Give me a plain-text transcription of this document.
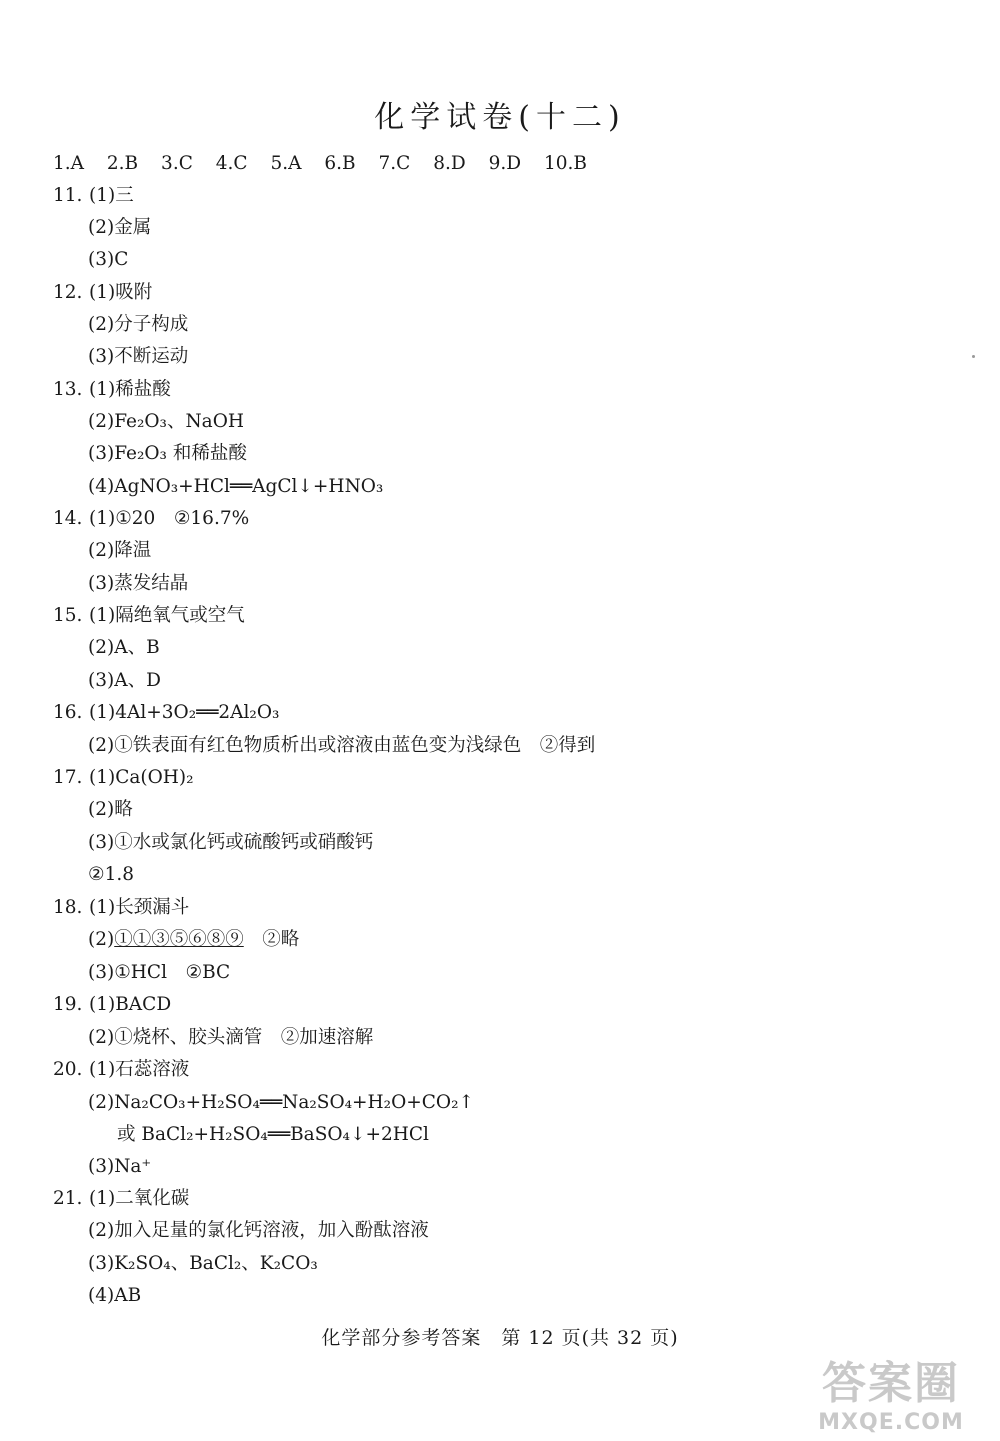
化学试卷(十二)
1.A 2.B 3.C 4.C 5.A 6.B 7.C 8.D 9.D 10.B
11. (1)三
(2)金属
(3)C
12. (1)吸附
(2)分子构成
(3)不断运动
13. (1)稀盐酸
(2)Fe₂O₃、NaOH
(3)Fe₂O₃ 和稀盐酸
(4)AgNO₃+HCl══AgCl↓+HNO₃
14. (1)①20　②16.7%
(2)降温
(3)蒸发结晶
15. (1)隔绝氧气或空气
(2)A、B
(3)A、D
16. (1)4Al+3O₂══2Al₂O₃
(2)①铁表面有红色物质析出或溶液由蓝色变为浅绿色　②得到
17. (1)Ca(OH)₂
(2)略
(3)①水或氯化钙或硫酸钙或硝酸钙
②1.8
18. (1)长颈漏斗
(2)①①③⑤⑥⑧⑨　②略
(3)①HCl　②BC
19. (1)BACD
(2)①烧杯、胶头滴管　②加速溶解
20. (1)石蕊溶液
(2)Na₂CO₃+H₂SO₄══Na₂SO₄+H₂O+CO₂↑
或 BaCl₂+H₂SO₄══BaSO₄↓+2HCl
(3)Na⁺
21. (1)二氧化碳
(2)加入足量的氯化钙溶液，加入酚酞溶液
(3)K₂SO₄、BaCl₂、K₂CO₃
(4)AB
化学部分参考答案　第 12 页(共 32 页)
答案圈
MXQE.COM
